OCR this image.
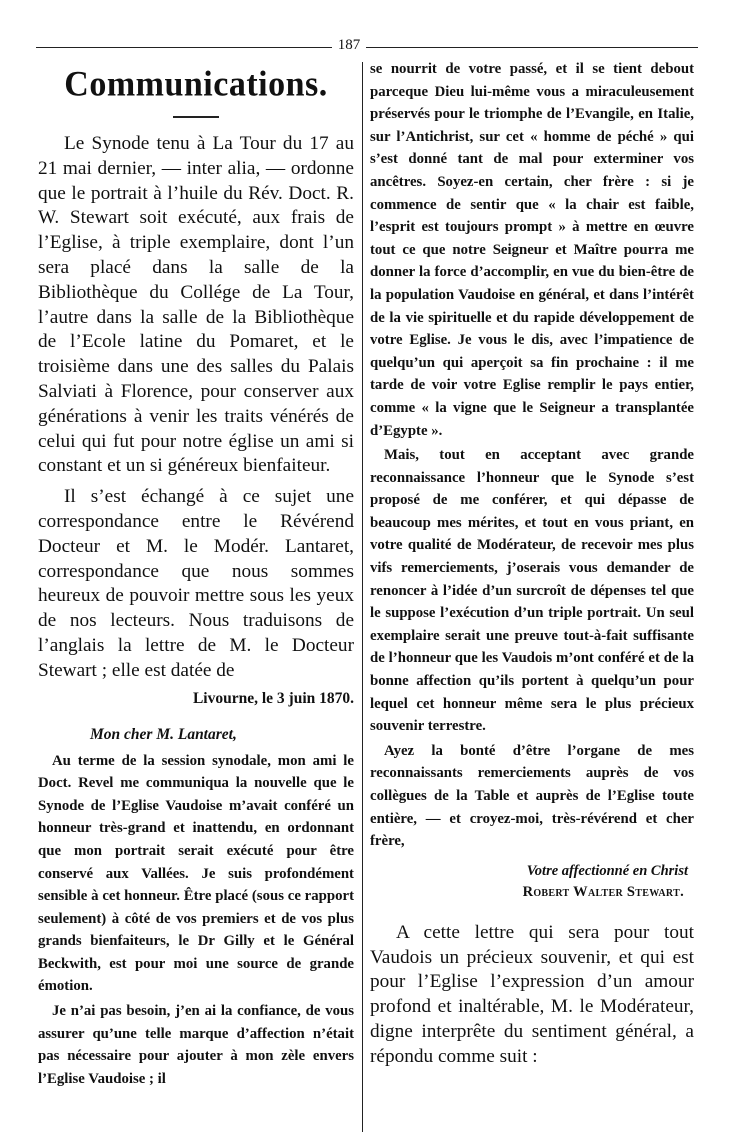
187
Communications.

Le Synode tenu à La Tour du 17 au 21 mai dernier, — inter alia, — ordonne que le portrait à l’huile du Rév. Doct. R. W. Stewart soit exécuté, aux frais de l’Eglise, à triple exemplaire, dont l’un sera placé dans la salle de la Bibliothèque du Collége de La Tour, l’autre dans la salle de la Bibliothèque de l’Ecole latine du Pomaret, et le troisième dans une des salles du Palais Salviati à Florence, pour conserver aux générations à venir les traits vénérés de celui qui fut pour notre église un ami si constant et un si généreux bienfaiteur.

Il s’est échangé à ce sujet une correspondance entre le Révérend Docteur et M. le Modér. Lantaret, correspondance que nous sommes heureux de pouvoir mettre sous les yeux de nos lecteurs. Nous traduisons de l’anglais la lettre de M. le Docteur Stewart ; elle est datée de

Livourne, le 3 juin 1870.
Mon cher M. Lantaret,

Au terme de la session synodale, mon ami le Doct. Revel me communiqua la nouvelle que le Synode de l’Eglise Vaudoise m’avait conféré un honneur très-grand et inattendu, en ordonnant que mon portrait serait exécuté pour être conservé aux Vallées. Je suis profondément sensible à cet honneur. Être placé (sous ce rapport seulement) à côté de vos premiers et de vos plus grands bienfaiteurs, le Dr Gilly et le Général Beckwith, est pour moi une source de grande émotion.

Je n’ai pas besoin, j’en ai la confiance, de vous assurer qu’une telle marque d’affection n’était pas nécessaire pour ajouter à mon zèle envers l’Eglise Vaudoise ; il

se nourrit de votre passé, et il se tient debout parceque Dieu lui-même vous a miraculeusement préservés pour le triomphe de l’Evangile, en Italie, sur l’Antichrist, sur cet « homme de péché » qui s’est donné tant de mal pour exterminer vos ancêtres. Soyez-en certain, cher frère : si je commence de sentir que « la chair est faible, l’esprit est toujours prompt » à mettre en œuvre tout ce que notre Seigneur et Maître pourra me donner la force d’accomplir, en vue du bien-être de la population Vaudoise en général, et dans l’intérêt de la vie spirituelle et du rapide développement de votre Eglise. Je vous le dis, avec l’impatience de quelqu’un qui aperçoit sa fin prochaine : il me tarde de voir votre Eglise remplir le pays entier, comme « la vigne que le Seigneur a transplantée d’Egypte ».

Mais, tout en acceptant avec grande reconnaissance l’honneur que le Synode s’est proposé de me conférer, et qui dépasse de beaucoup mes mérites, et tout en vous priant, en votre qualité de Modérateur, de recevoir mes plus vifs remerciements, j’oserais vous demander de renoncer à l’idée d’un surcroît de dépenses tel que le suppose l’exécution d’un triple portrait. Un seul exemplaire serait une preuve tout-à-fait suffisante de l’honneur que les Vaudois m’ont conféré et de la bonne affection qu’ils portent à quelqu’un pour lequel cet honneur même sera le plus précieux souvenir terrestre.

Ayez la bonté d’être l’organe de mes reconnaissants remerciements auprès de vos collègues de la Table et auprès de l’Eglise toute entière, — et croyez-moi, très-révérend et cher frère,

Votre affectionné en Christ
Robert Walter Stewart.

A cette lettre qui sera pour tout Vaudois un précieux souvenir, et qui est pour l’Eglise l’expression d’un amour profond et inaltérable, M. le Modérateur, digne interprête du sentiment général, a répondu comme suit :
